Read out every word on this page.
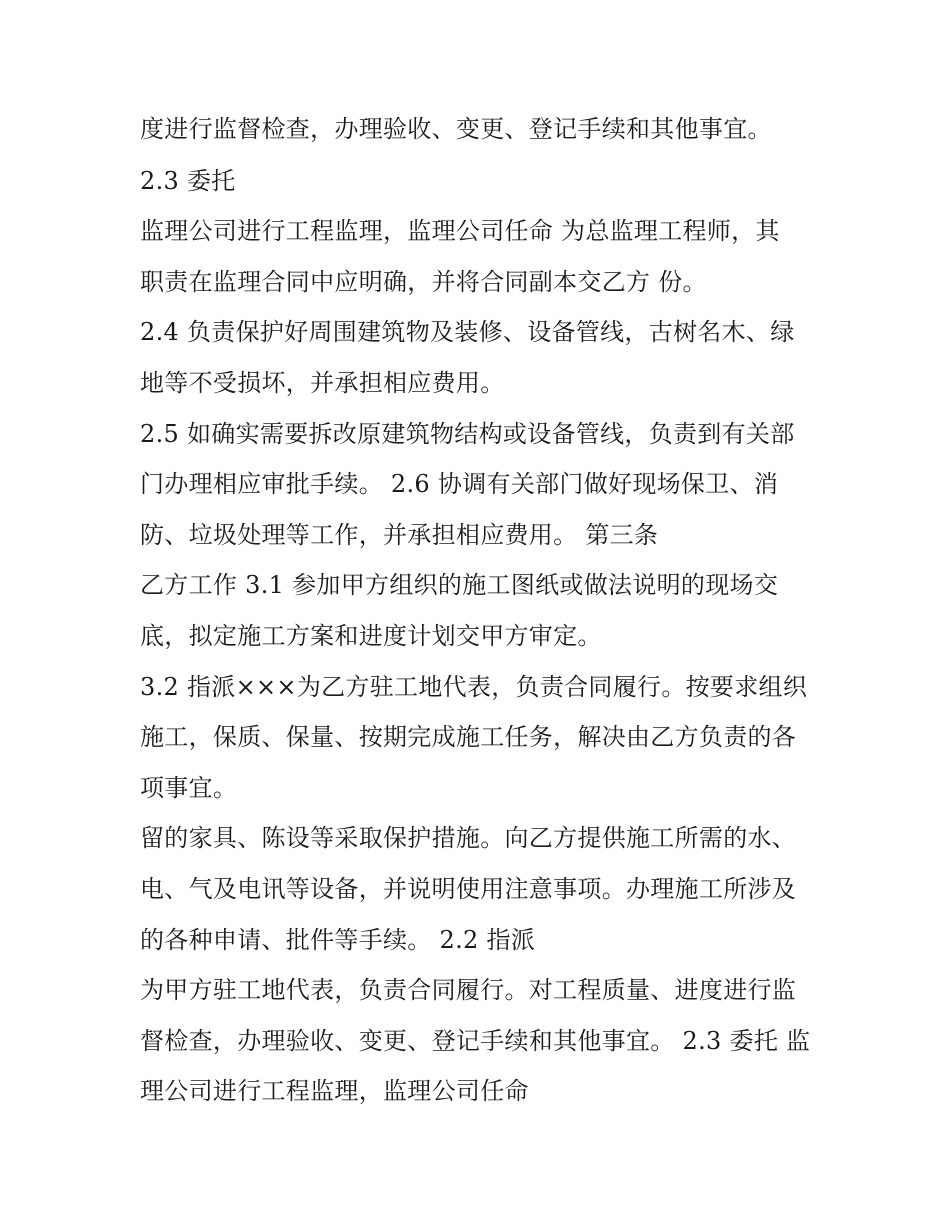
度进行监督检查，办理验收、变更、登记手续和其他事宜。
2.3 委托
监理公司进行工程监理，监理公司任命 为总监理工程师，其
职责在监理合同中应明确，并将合同副本交乙方 份。
2.4 负责保护好周围建筑物及装修、设备管线，古树名木、绿
地等不受损坏，并承担相应费用。
2.5 如确实需要拆改原建筑物结构或设备管线，负责到有关部
门办理相应审批手续。 2.6 协调有关部门做好现场保卫、消
防、垃圾处理等工作，并承担相应费用。 第三条
乙方工作 3.1 参加甲方组织的施工图纸或做法说明的现场交
底，拟定施工方案和进度计划交甲方审定。
3.2 指派×××为乙方驻工地代表，负责合同履行。按要求组织
施工，保质、保量、按期完成施工任务，解决由乙方负责的各
项事宜。
留的家具、陈设等采取保护措施。向乙方提供施工所需的水、
电、气及电讯等设备，并说明使用注意事项。办理施工所涉及
的各种申请、批件等手续。 2.2 指派
为甲方驻工地代表，负责合同履行。对工程质量、进度进行监
督检查，办理验收、变更、登记手续和其他事宜。 2.3 委托 监
理公司进行工程监理，监理公司任命
